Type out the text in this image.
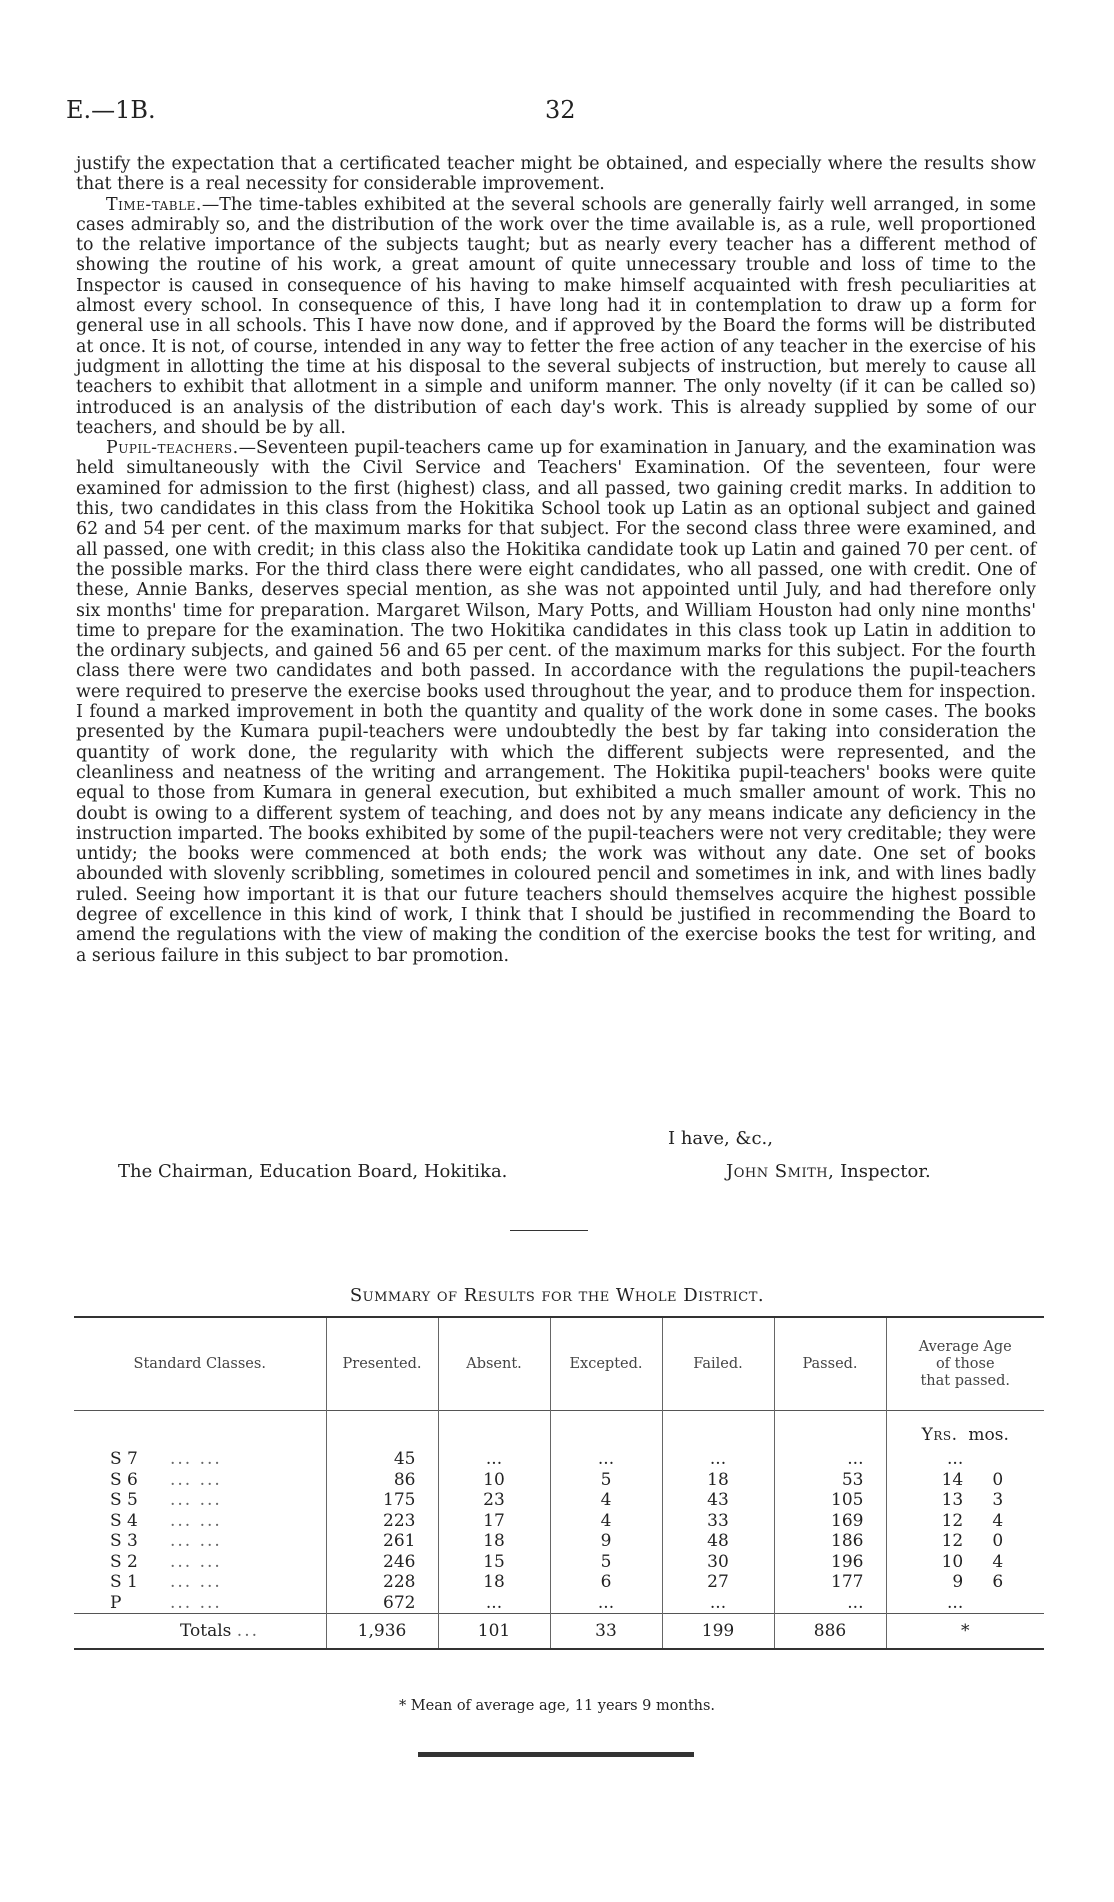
E.—1B.	32

justify the expectation that a certificated teacher might be obtained, and especially where the results show that there is a real necessity for considerable improvement.

Time-table.—The time-tables exhibited at the several schools are generally fairly well arranged, in some cases admirably so, and the distribution of the work over the time available is, as a rule, well proportioned to the relative importance of the subjects taught; but as nearly every teacher has a different method of showing the routine of his work, a great amount of quite unnecessary trouble and loss of time to the Inspector is caused in consequence of his having to make himself acquainted with fresh peculiarities at almost every school. In consequence of this, I have long had it in contemplation to draw up a form for general use in all schools. This I have now done, and if approved by the Board the forms will be distributed at once. It is not, of course, intended in any way to fetter the free action of any teacher in the exercise of his judgment in allotting the time at his disposal to the several subjects of instruction, but merely to cause all teachers to exhibit that allotment in a simple and uniform manner. The only novelty (if it can be called so) introduced is an analysis of the distribution of each day's work. This is already supplied by some of our teachers, and should be by all.

Pupil-teachers.—Seventeen pupil-teachers came up for examination in January, and the examination was held simultaneously with the Civil Service and Teachers' Examination. Of the seventeen, four were examined for admission to the first (highest) class, and all passed, two gaining credit marks. In addition to this, two candidates in this class from the Hokitika School took up Latin as an optional subject and gained 62 and 54 per cent. of the maximum marks for that subject. For the second class three were examined, and all passed, one with credit; in this class also the Hokitika candidate took up Latin and gained 70 per cent. of the possible marks. For the third class there were eight candidates, who all passed, one with credit. One of these, Annie Banks, deserves special mention, as she was not appointed until July, and had therefore only six months' time for preparation. Margaret Wilson, Mary Potts, and William Houston had only nine months' time to prepare for the examination. The two Hokitika candidates in this class took up Latin in addition to the ordinary subjects, and gained 56 and 65 per cent. of the maximum marks for this subject. For the fourth class there were two candidates and both passed. In accordance with the regulations the pupil-teachers were required to preserve the exercise books used throughout the year, and to produce them for inspection. I found a marked improvement in both the quantity and quality of the work done in some cases. The books presented by the Kumara pupil-teachers were undoubtedly the best by far taking into consideration the quantity of work done, the regularity with which the different subjects were represented, and the cleanliness and neatness of the writing and arrangement. The Hokitika pupil-teachers' books were quite equal to those from Kumara in general execution, but exhibited a much smaller amount of work. This no doubt is owing to a different system of teaching, and does not by any means indicate any deficiency in the instruction imparted. The books exhibited by some of the pupil-teachers were not very creditable; they were untidy; the books were commenced at both ends; the work was without any date. One set of books abounded with slovenly scribbling, sometimes in coloured pencil and sometimes in ink, and with lines badly ruled. Seeing how important it is that our future teachers should themselves acquire the highest possible degree of excellence in this kind of work, I think that I should be justified in recommending the Board to amend the regulations with the view of making the condition of the exercise books the test for writing, and a serious failure in this subject to bar promotion.

I have, &c.,
The Chairman, Education Board, Hokitika.	John Smith, Inspector.
Summary of Results for the Whole District.
Standard Classes.	Presented.	Absent.	Excepted.	Failed.	Passed.	Average Age
of those
that passed.
						Yrs. mos.
S 7 ... ...	45	...	...	...	...	...
S 6 ... ...	86	10	5	18	53	14 0
S 5 ... ...	175	23	4	43	105	13 3
S 4 ... ...	223	17	4	33	169	12 4
S 3 ... ...	261	18	9	48	186	12 0
S 2 ... ...	246	15	5	30	196	10 4
S 1 ... ...	228	18	6	27	177	9 6
P ... ...	672	...	...	...	...	...
Totals ...	1,936	101	33	199	886	*
* Mean of average age, 11 years 9 months.
